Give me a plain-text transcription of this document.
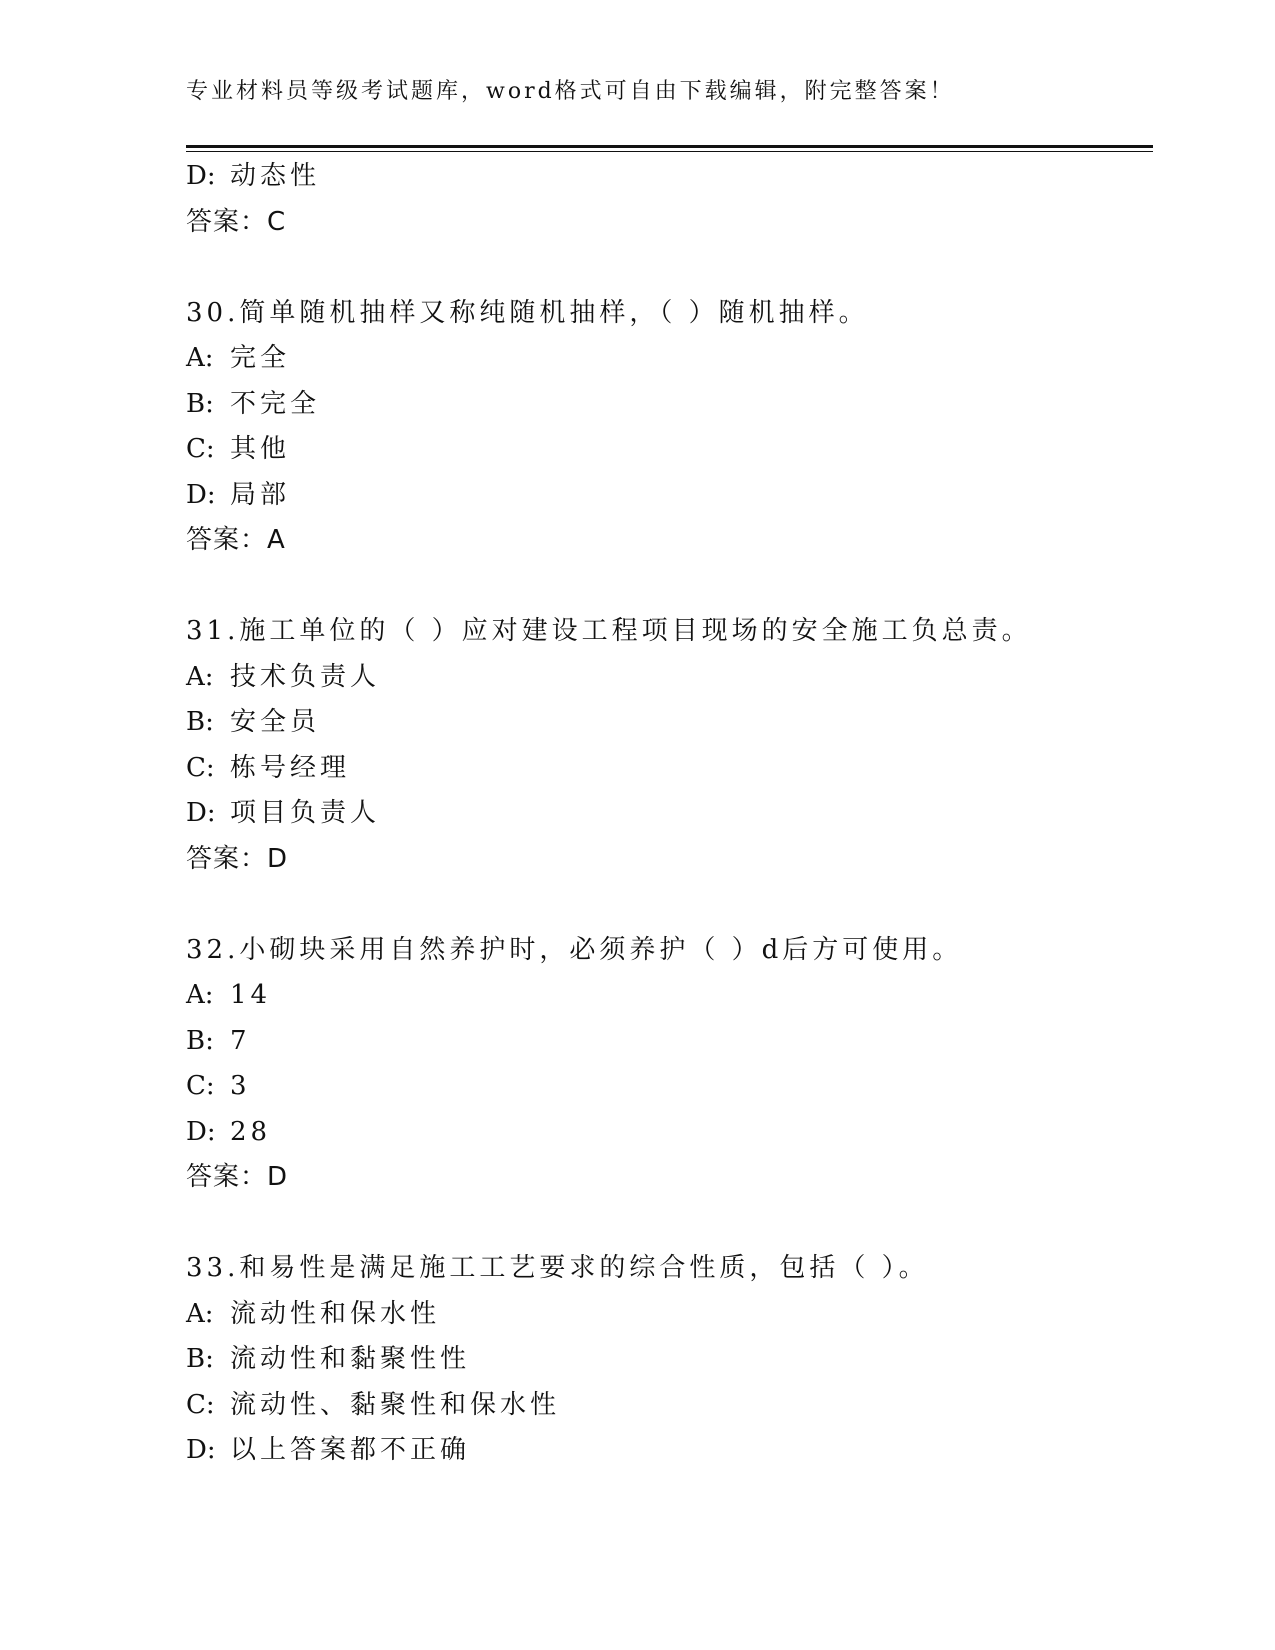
专业材料员等级考试题库，word格式可自由下载编辑，附完整答案！
D: 动态性
答案：C
30.简单随机抽样又称纯随机抽样，（ ）随机抽样。
A: 完全
B: 不完全
C: 其他
D: 局部
答案：A
31.施工单位的（ ）应对建设工程项目现场的安全施工负总责。
A: 技术负责人
B: 安全员
C: 栋号经理
D: 项目负责人
答案：D
32.小砌块采用自然养护时，必须养护（ ）d后方可使用。
A: 14
B: 7
C: 3
D: 28
答案：D
33.和易性是满足施工工艺要求的综合性质，包括（ ）。
A: 流动性和保水性
B: 流动性和黏聚性性
C: 流动性、黏聚性和保水性
D: 以上答案都不正确
